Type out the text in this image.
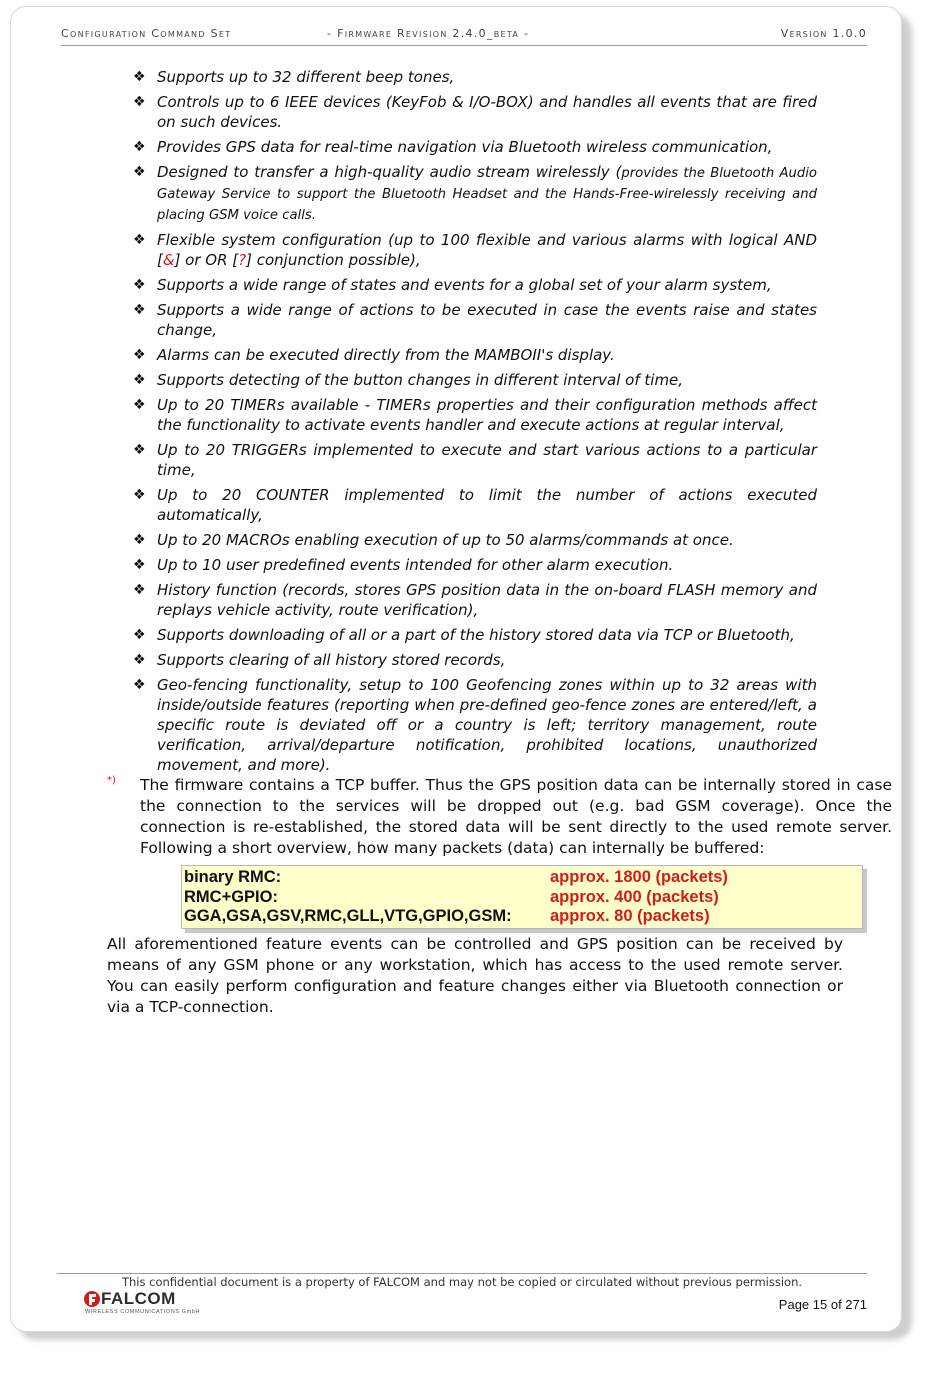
Configuration Command Set	- Firmware Revision 2.4.0_beta -	Version 1.0.0
❖ Supports up to 32 different beep tones,
❖ Controls up to 6 IEEE devices (KeyFob & I/O-BOX) and handles all events that are fired on such devices.
❖ Provides GPS data for real-time navigation via Bluetooth wireless communication,
❖ Designed to transfer a high-quality audio stream wirelessly (provides the Bluetooth Audio Gateway Service to support the Bluetooth Headset and the Hands-Free-wirelessly receiving and placing GSM voice calls.
❖ Flexible system configuration (up to 100 flexible and various alarms with logical AND [&] or OR [?] conjunction possible),
❖ Supports a wide range of states and events for a global set of your alarm system,
❖ Supports a wide range of actions to be executed in case the events raise and states change,
❖ Alarms can be executed directly from the MAMBOII's display.
❖ Supports detecting of the button changes in different interval of time,
❖ Up to 20 TIMERs available - TIMERs properties and their configuration methods affect the functionality to activate events handler and execute actions at regular interval,
❖ Up to 20 TRIGGERs implemented to execute and start various actions to a particular time,
❖ Up to 20 COUNTER implemented to limit the number of actions executed automatically,
❖ Up to 20 MACROs enabling execution of up to 50 alarms/commands at once.
❖ Up to 10 user predefined events intended for other alarm execution.
❖ History function (records, stores GPS position data in the on-board FLASH memory and replays vehicle activity, route verification),
❖ Supports downloading of all or a part of the history stored data via TCP or Bluetooth,
❖ Supports clearing of all history stored records,
❖ Geo-fencing functionality, setup to 100 Geofencing zones within up to 32 areas with inside/outside features (reporting when pre-defined geo-fence zones are entered/left, a specific route is deviated off or a country is left; territory management, route verification, arrival/departure notification, prohibited locations, unauthorized movement, and more).
*) The firmware contains a TCP buffer. Thus the GPS position data can be internally stored in case the connection to the services will be dropped out (e.g. bad GSM coverage). Once the connection is re-established, the stored data will be sent directly to the used remote server. Following a short overview, how many packets (data) can internally be buffered:

binary RMC:	approx. 1800 (packets)
RMC+GPIO:	approx. 400 (packets)
GGA,GSA,GSV,RMC,GLL,VTG,GPIO,GSM: approx. 80 (packets)

All aforementioned feature events can be controlled and GPS position can be received by means of any GSM phone or any workstation, which has access to the used remote server. You can easily perform configuration and feature changes either via Bluetooth connection or via a TCP-connection.

This confidential document is a property of FALCOM and may not be copied or circulated without previous permission.
FALCOM
WIRELESS COMMUNICATIONS GmbH	Page 15 of 271
